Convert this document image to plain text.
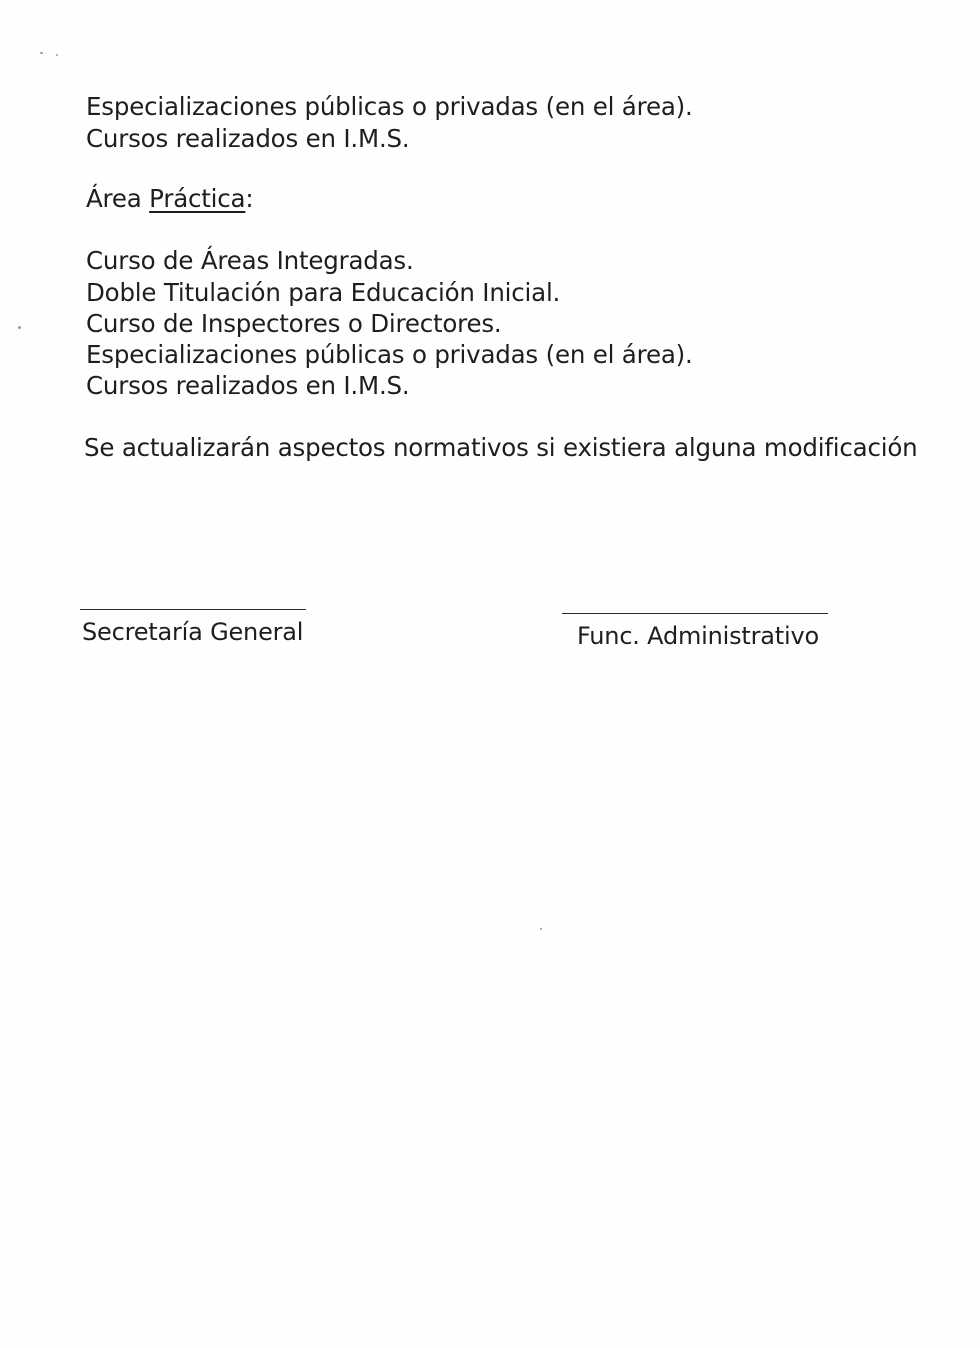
Especializaciones públicas o privadas (en el área).
Cursos realizados en I.M.S.
Área Práctica:
Curso de Áreas Integradas.
Doble Titulación para Educación Inicial.
Curso de Inspectores o Directores.
Especializaciones públicas o privadas (en el área).
Cursos realizados en I.M.S.
Se actualizarán aspectos normativos si existiera alguna modificación
Secretaría General	Func. Administrativo
